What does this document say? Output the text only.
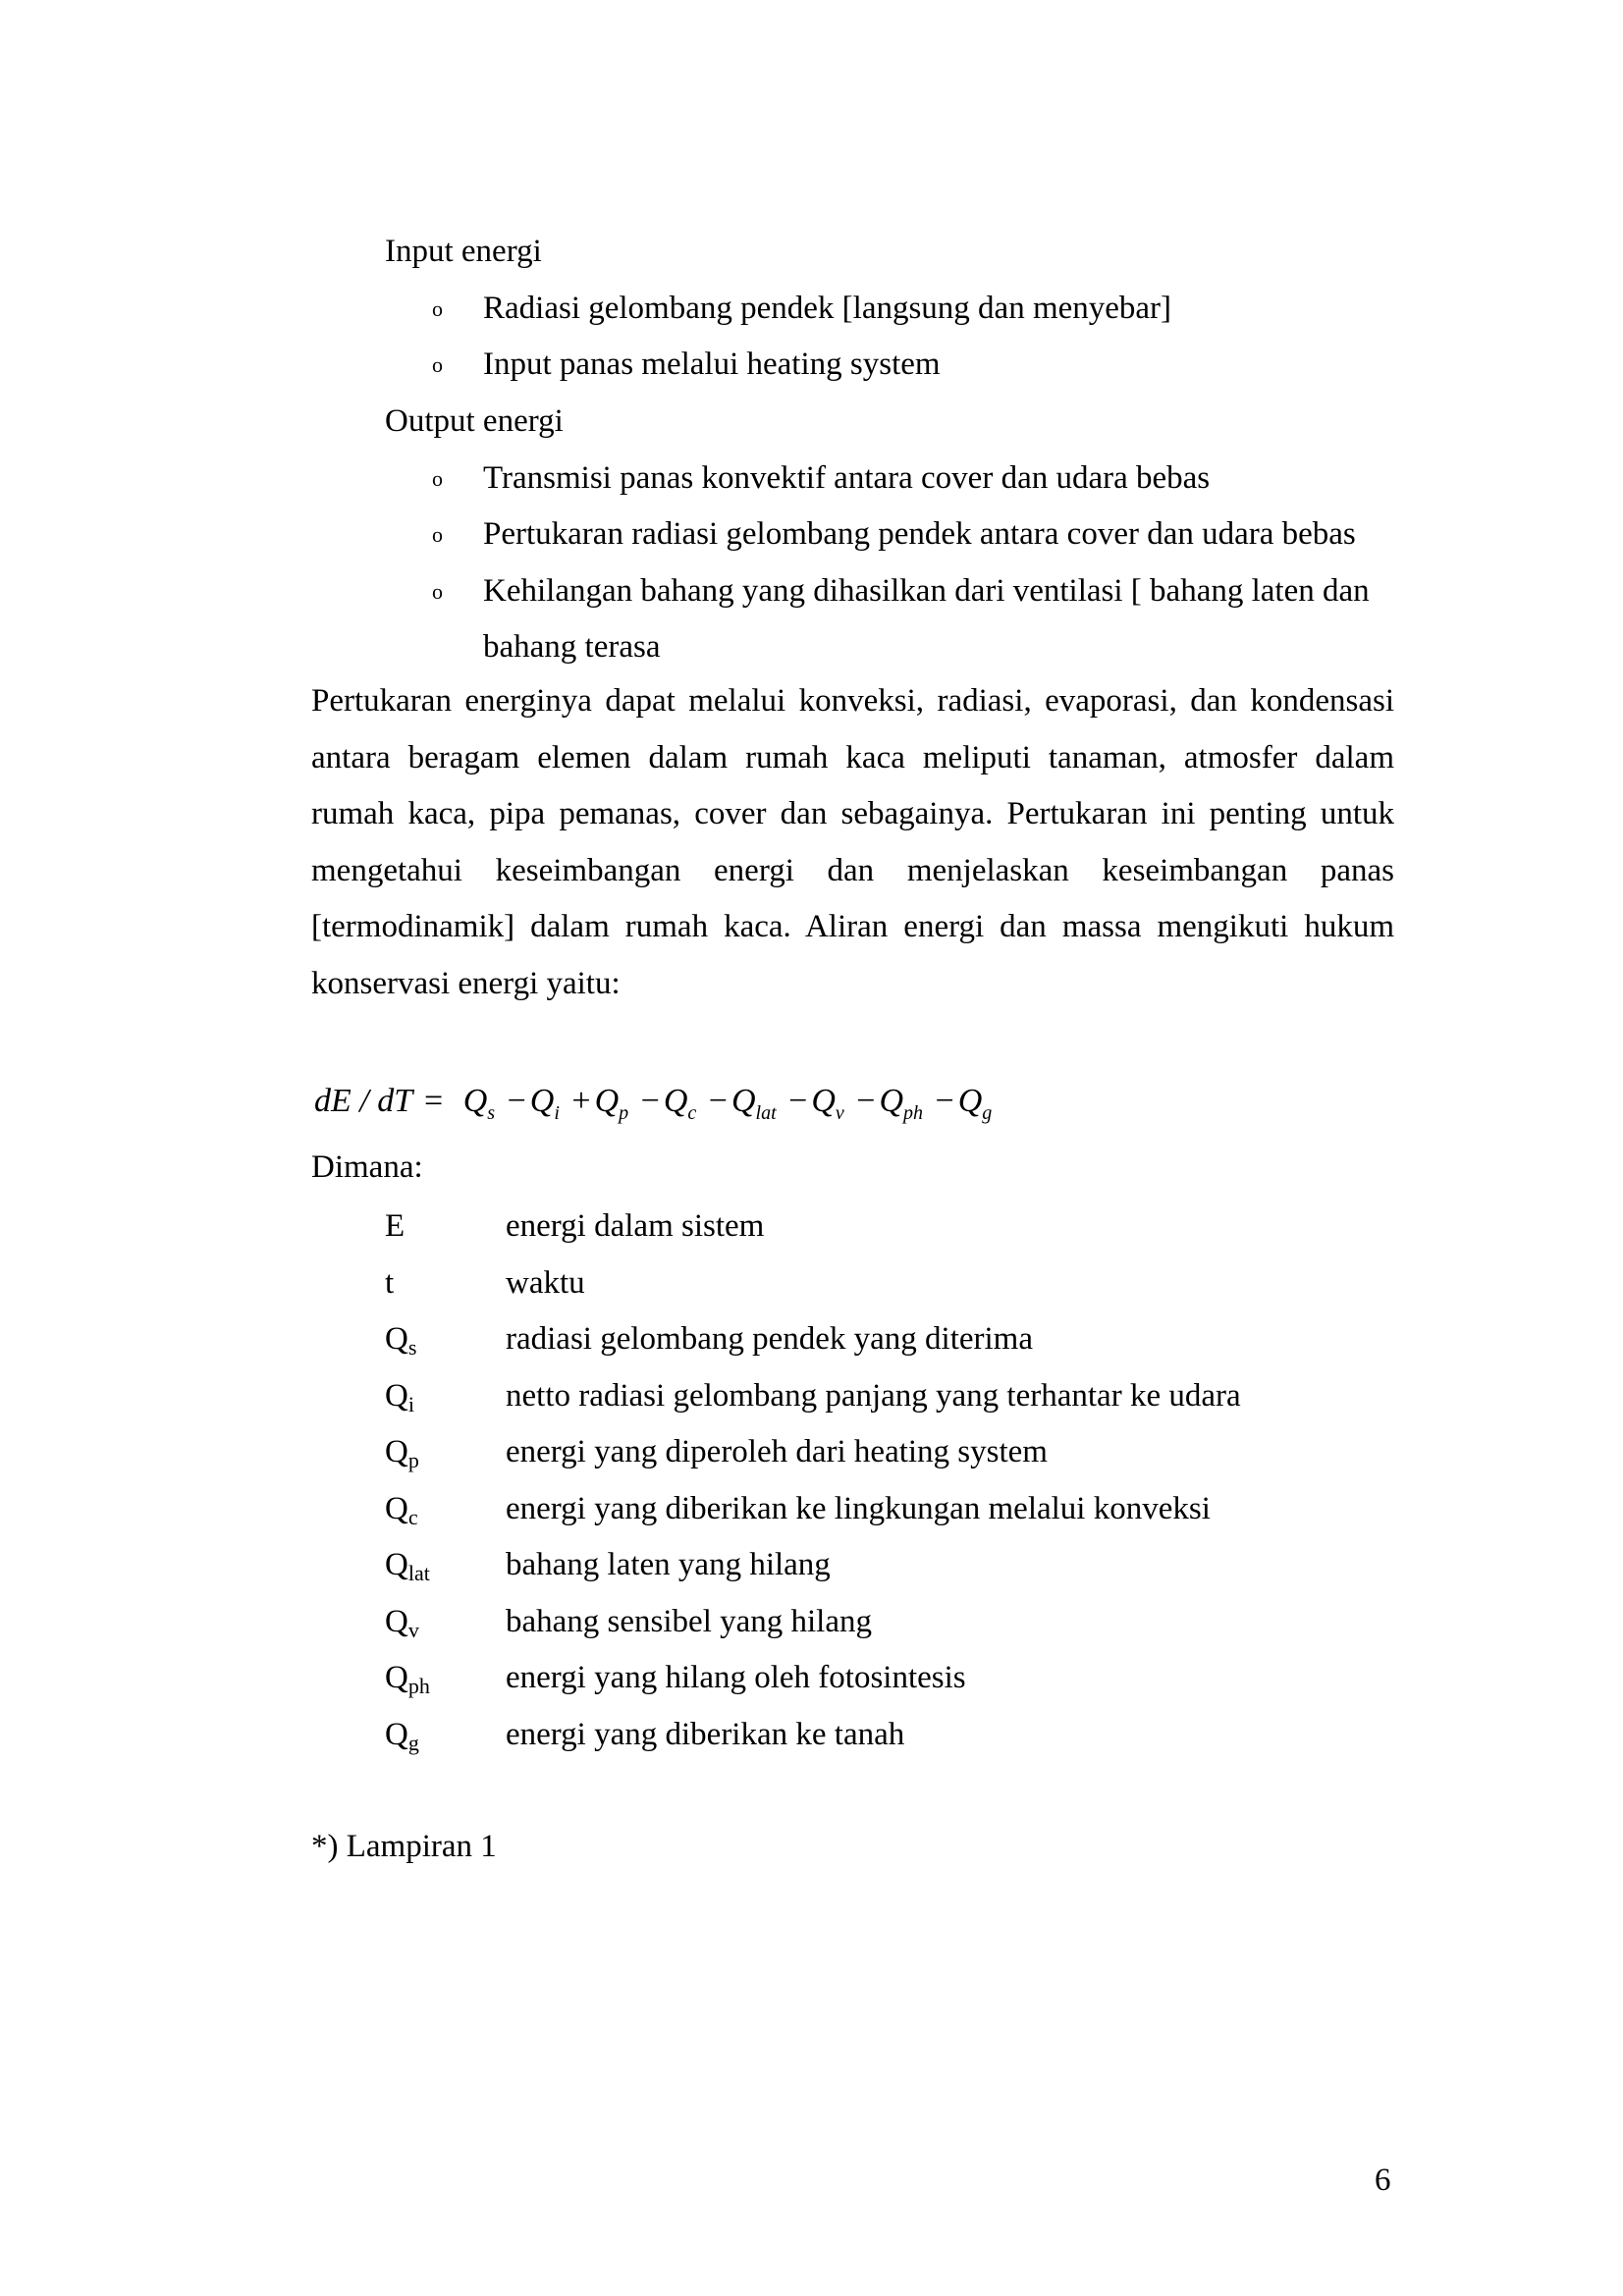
Input energi
o Radiasi gelombang pendek [langsung dan menyebar]
o Input panas melalui heating system
Output energi
o Transmisi panas konvektif antara cover dan udara bebas
o Pertukaran radiasi gelombang pendek antara cover dan udara bebas
o Kehilangan bahang yang dihasilkan dari ventilasi [ bahang laten dan
bahang terasa
Pertukaran energinya dapat melalui konveksi, radiasi, evaporasi, dan kondensasi
antara beragam elemen dalam rumah kaca meliputi tanaman, atmosfer dalam
rumah kaca, pipa pemanas, cover dan sebagainya. Pertukaran ini penting untuk
mengetahui keseimbangan energi dan menjelaskan keseimbangan panas
[termodinamik] dalam rumah kaca. Aliran energi dan massa mengikuti hukum
konservasi energi yaitu:
dE / dT = $Q_s - Q_i + Q_p - Q_c - Q_{lat} - Q_v - Q_{ph} - Q_g$
Dimana:
E	energi dalam sistem
t	waktu
$Q_s$	radiasi gelombang pendek yang diterima
$Q_i$	netto radiasi gelombang panjang yang terhantar ke udara
$Q_p$	energi yang diperoleh dari heating system
$Q_c$	energi yang diberikan ke lingkungan melalui konveksi
$Q_{lat}$ bahang laten yang hilang
$Q_v$	bahang sensibel yang hilang
$Q_{ph}$ energi yang hilang oleh fotosintesis
$Q_g$	energi yang diberikan ke tanah
*) Lampiran 1
6
